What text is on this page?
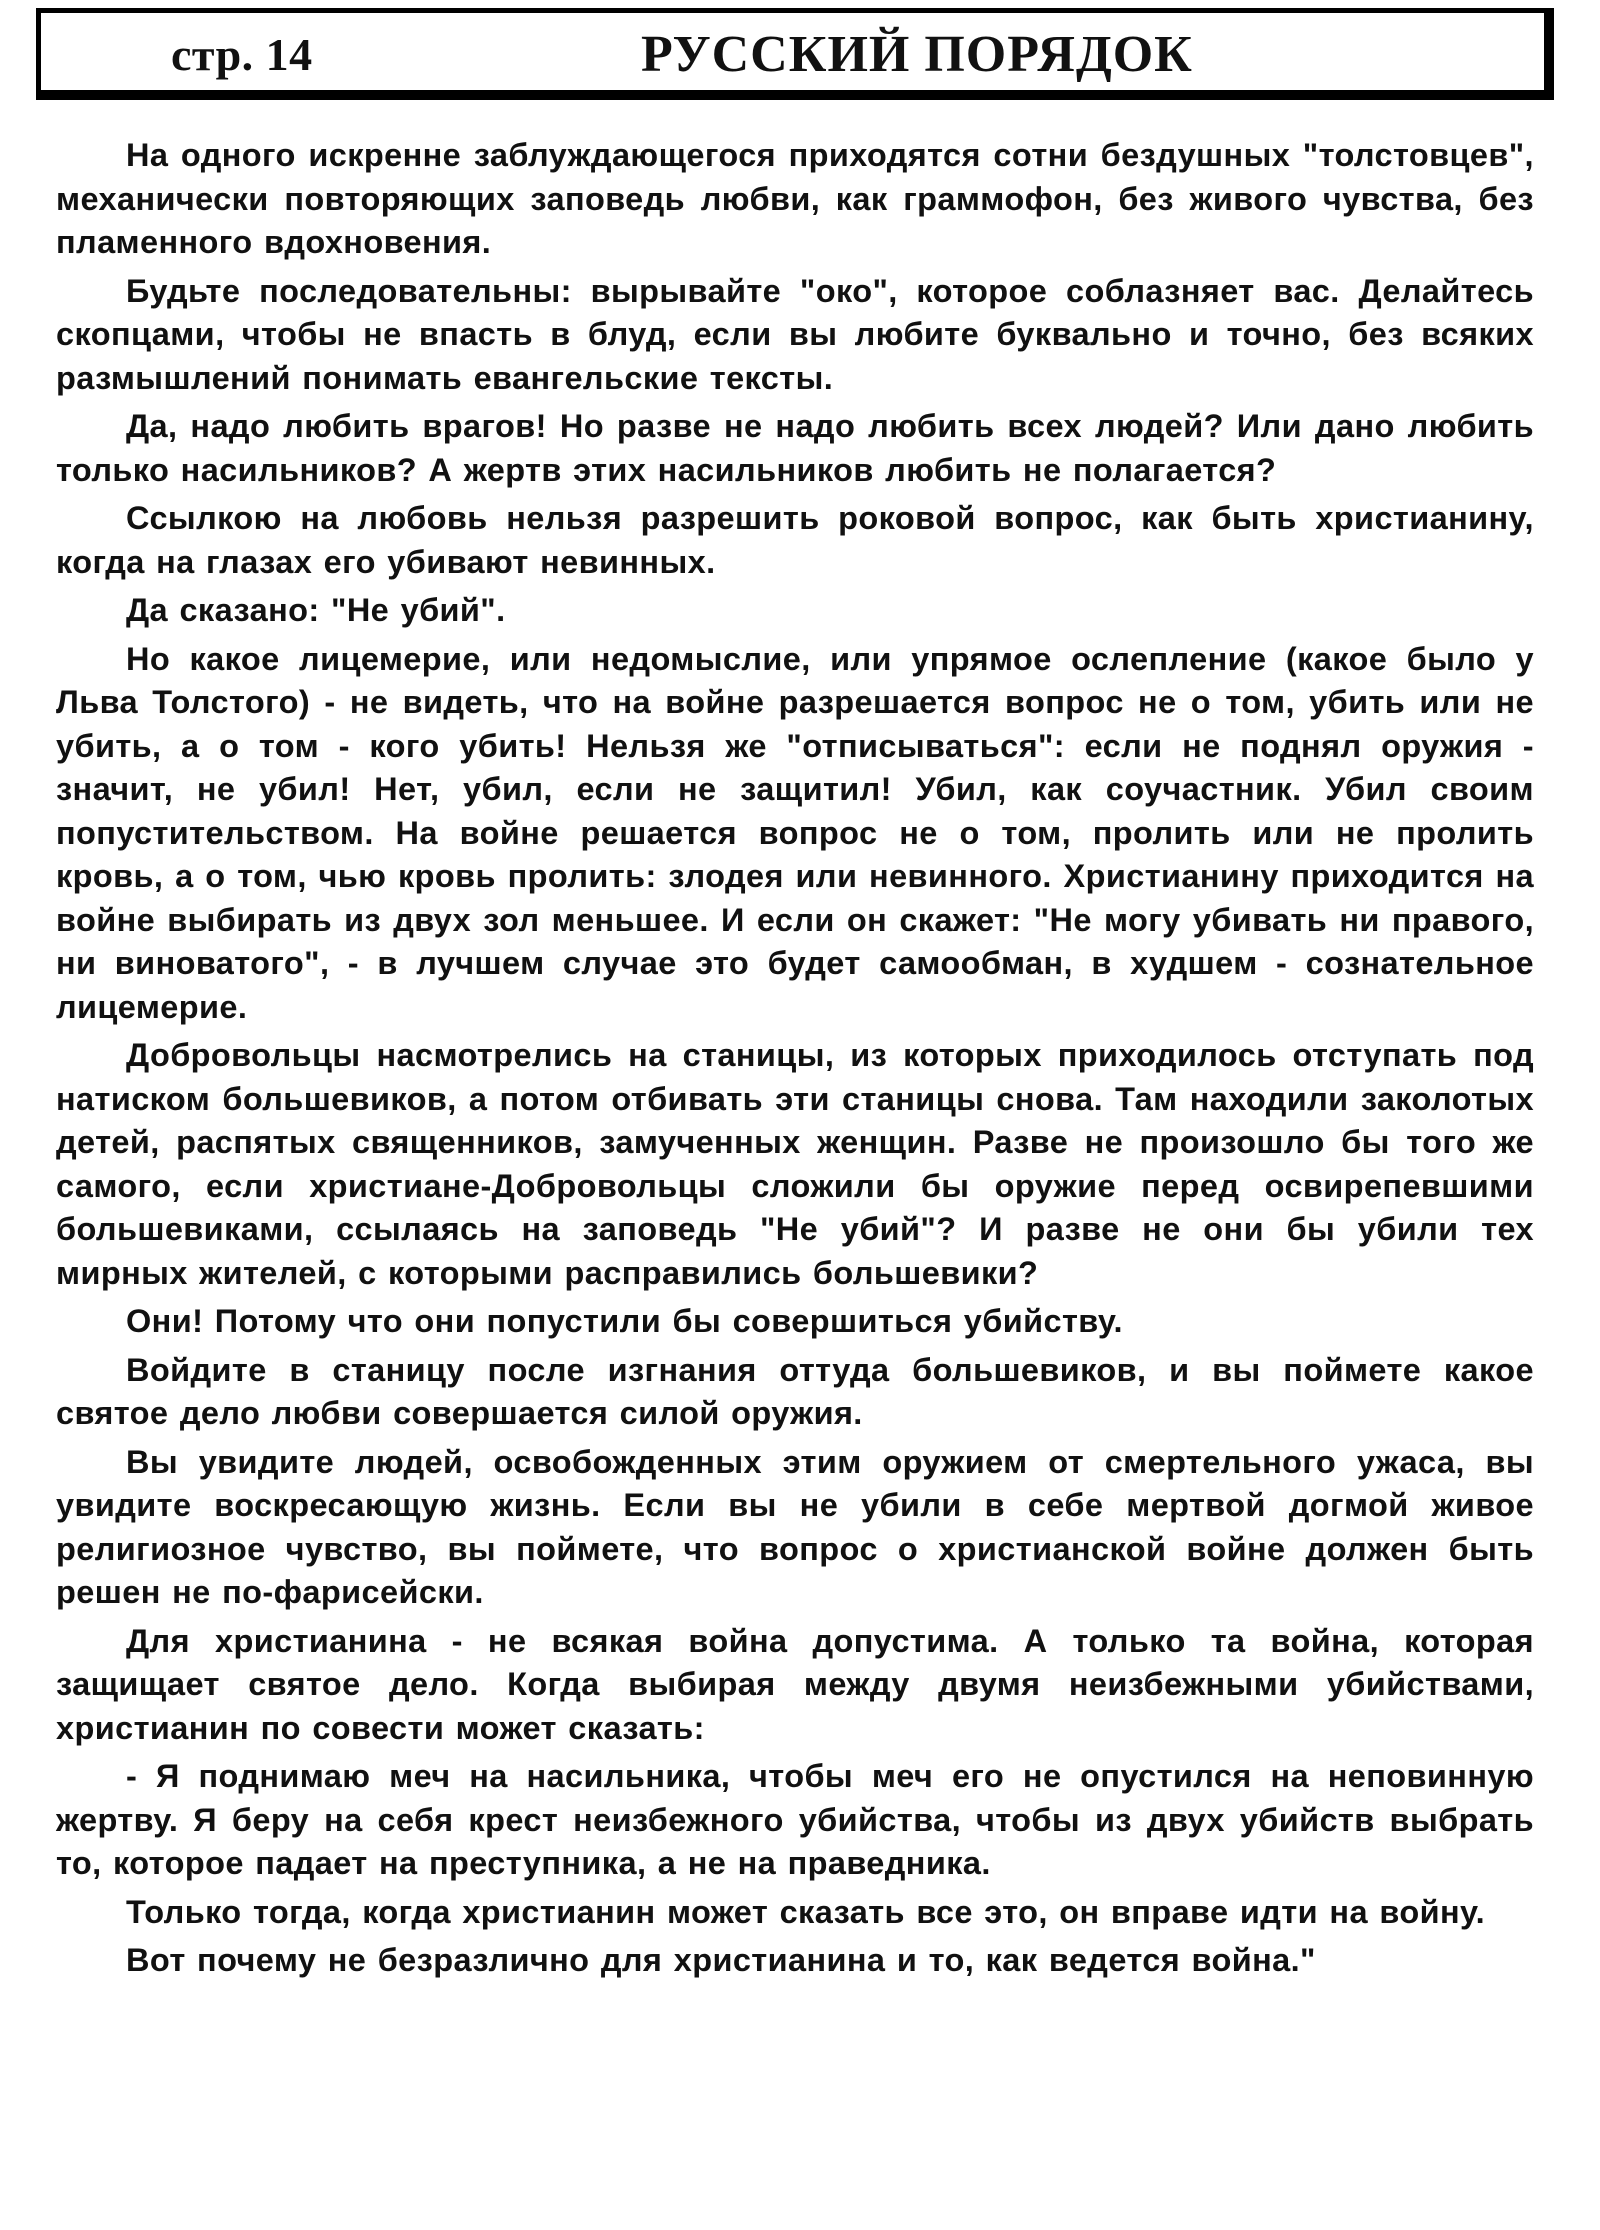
стр. 14	РУССКИЙ ПОРЯДОК

На одного искренне заблуждающегося приходятся сотни бездушных "толстовцев", механически повторяющих заповедь любви, как граммофон, без живого чувства, без пламенного вдохновения.

Будьте последовательны: вырывайте "око", которое соблазняет вас. Делайтесь скопцами, чтобы не впасть в блуд, если вы любите буквально и точно, без всяких размышлений понимать евангельские тексты.

Да, надо любить врагов! Но разве не надо любить всех людей? Или дано любить только насильников? А жертв этих насильников любить не полагается?

Ссылкою на любовь нельзя разрешить роковой вопрос, как быть христианину, когда на глазах его убивают невинных.

Да сказано: "Не убий".

Но какое лицемерие, или недомыслие, или упрямое ослепление (какое было у Льва Толстого) - не видеть, что на войне разрешается вопрос не о том, убить или не убить, а о том - кого убить! Нельзя же "отписываться": если не поднял оружия - значит, не убил! Нет, убил, если не защитил! Убил, как соучастник. Убил своим попустительством. На войне решается вопрос не о том, пролить или не пролить кровь, а о том, чью кровь пролить: злодея или невинного. Христианину приходится на войне выбирать из двух зол меньшее. И если он скажет: "Не могу убивать ни правого, ни виноватого", - в лучшем случае это будет самообман, в худшем - сознательное лицемерие.

Добровольцы насмотрелись на станицы, из которых приходилось отступать под натиском большевиков, а потом отбивать эти станицы снова. Там находили заколотых детей, распятых священников, замученных женщин. Разве не произошло бы того же самого, если христиане-Добровольцы сложили бы оружие перед освирепевшими большевиками, ссылаясь на заповедь "Не убий"? И разве не они бы убили тех мирных жителей, с которыми расправились большевики?

Они! Потому что они попустили бы совершиться убийству.

Войдите в станицу после изгнания оттуда большевиков, и вы поймете какое святое дело любви совершается силой оружия.

Вы увидите людей, освобожденных этим оружием от смертельного ужаса, вы увидите воскресающую жизнь. Если вы не убили в себе мертвой догмой живое религиозное чувство, вы поймете, что вопрос о христианской войне должен быть решен не по-фарисейски.

Для христианина - не всякая война допустима. А только та война, которая защищает святое дело. Когда выбирая между двумя неизбежными убийствами, христианин по совести может сказать:

- Я поднимаю меч на насильника, чтобы меч его не опустился на неповинную жертву. Я беру на себя крест неизбежного убийства, чтобы из двух убийств выбрать то, которое падает на преступника, а не на праведника.

Только тогда, когда христианин может сказать все это, он вправе идти на войну.

Вот почему не безразлично для христианина и то, как ведется война."
